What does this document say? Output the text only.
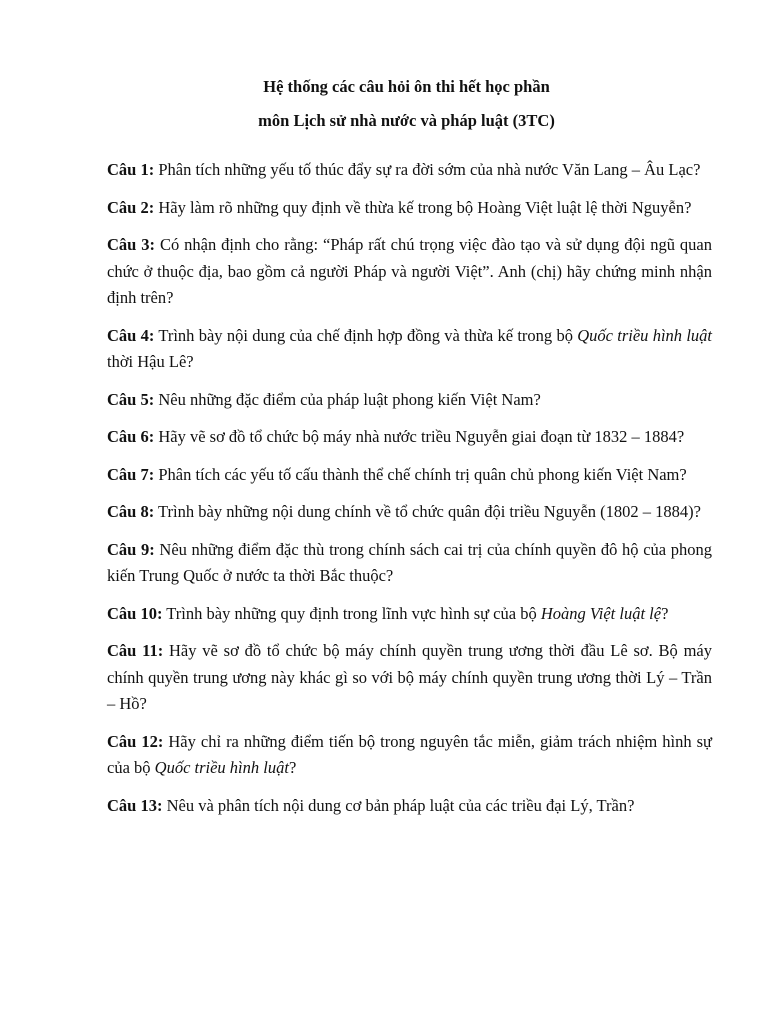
Hệ thống các câu hỏi ôn thi hết học phần
môn Lịch sử nhà nước và pháp luật (3TC)

Câu 1: Phân tích những yếu tố thúc đẩy sự ra đời sớm của nhà nước Văn Lang – Âu Lạc?

Câu 2: Hãy làm rõ những quy định về thừa kế trong bộ Hoàng Việt luật lệ thời Nguyễn?

Câu 3: Có nhận định cho rằng: “Pháp rất chú trọng việc đào tạo và sử dụng đội ngũ quan chức ở thuộc địa, bao gồm cả người Pháp và người Việt”. Anh (chị) hãy chứng minh nhận định trên?

Câu 4: Trình bày nội dung của chế định hợp đồng và thừa kế trong bộ Quốc triều hình luật thời Hậu Lê?

Câu 5: Nêu những đặc điểm của pháp luật phong kiến Việt Nam?

Câu 6: Hãy vẽ sơ đồ tổ chức bộ máy nhà nước triều Nguyễn giai đoạn từ 1832 – 1884?

Câu 7: Phân tích các yếu tố cấu thành thể chế chính trị quân chủ phong kiến Việt Nam?

Câu 8: Trình bày những nội dung chính về tổ chức quân đội triều Nguyễn (1802 – 1884)?

Câu 9: Nêu những điểm đặc thù trong chính sách cai trị của chính quyền đô hộ của phong kiến Trung Quốc ở nước ta thời Bắc thuộc?

Câu 10: Trình bày những quy định trong lĩnh vực hình sự của bộ Hoàng Việt luật lệ?

Câu 11: Hãy vẽ sơ đồ tổ chức bộ máy chính quyền trung ương thời đầu Lê sơ. Bộ máy chính quyền trung ương này khác gì so với bộ máy chính quyền trung ương thời Lý – Trần – Hồ?

Câu 12: Hãy chỉ ra những điểm tiến bộ trong nguyên tắc miễn, giảm trách nhiệm hình sự của bộ Quốc triều hình luật?

Câu 13: Nêu và phân tích nội dung cơ bản pháp luật của các triều đại Lý, Trần?
